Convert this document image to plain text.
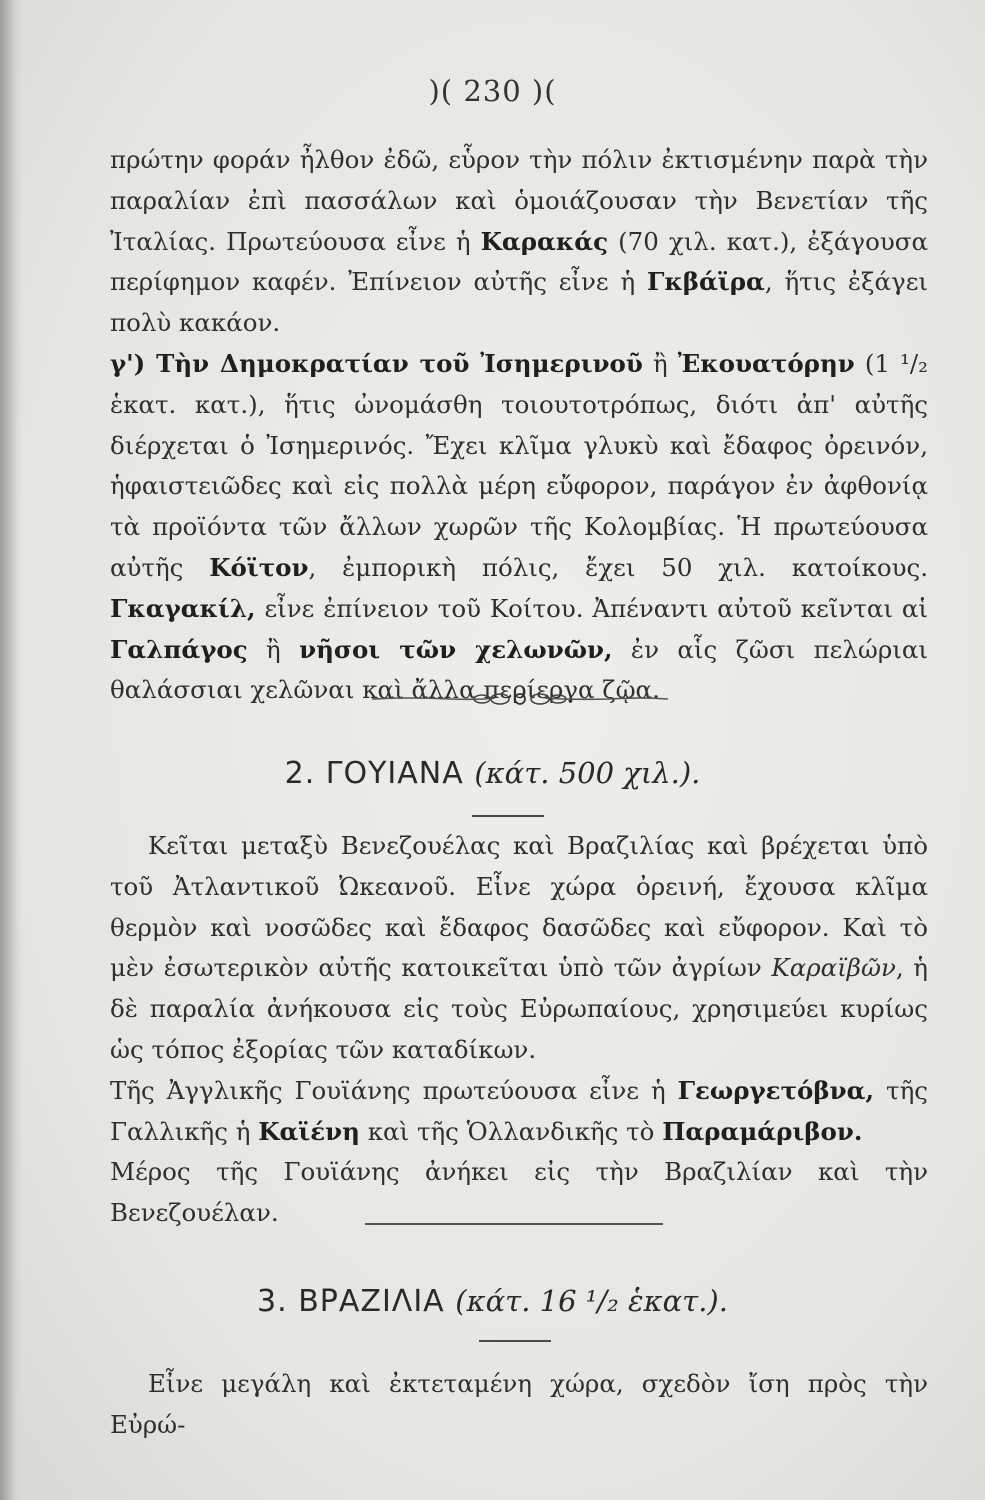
)( 230 )(

πρώτην φοράν ἦλθον ἐδῶ, εὗρον τὴν πόλιν ἐκτισμένην παρὰ τὴν παραλίαν ἐπὶ πασσάλων καὶ ὁμοιάζουσαν τὴν Βενετίαν τῆς Ἰταλίας. Πρωτεύουσα εἶνε ἡ Καρακάς (70 χιλ. κατ.), ἐξάγουσα περίφημον καφέν. Ἐπίνειον αὐτῆς εἶνε ἡ Γκβάϊρα, ἥτις ἐξάγει πολὺ κακάον.

γ') Τὴν Δημοκρατίαν τοῦ Ἰσημερινοῦ ἢ Ἐκουατόρην (1 ¹/₂ ἑκατ. κατ.), ἥτις ὠνομάσθη τοιουτοτρόπως, διότι ἀπ' αὐτῆς διέρχεται ὁ Ἰσημερινός. Ἔχει κλῖμα γλυκὺ καὶ ἔδαφος ὀρεινόν, ἡφαιστειῶδες καὶ εἰς πολλὰ μέρη εὔφορον, παράγον ἐν ἀφθονίᾳ τὰ προϊόντα τῶν ἄλλων χωρῶν τῆς Κολομβίας. Ἡ πρωτεύουσα αὐτῆς Κόϊτον, ἐμπορικὴ πόλις, ἔχει 50 χιλ. κατοίκους. Γκαγακίλ, εἶνε ἐπίνειον τοῦ Κοίτου. Ἀπέναντι αὐτοῦ κεῖνται αἱ Γαλπάγος ἢ νῆσοι τῶν χελωνῶν, ἐν αἷς ζῶσι πελώριαι θαλάσσιαι χελῶναι καὶ ἄλλα περίεργα ζῷα.

2. ΓΟΥΙΑΝΑ (κάτ. 500 χιλ.).

Κεῖται μεταξὺ Βενεζουέλας καὶ Βραζιλίας καὶ βρέχεται ὑπὸ τοῦ Ἀτλαντικοῦ Ὠκεανοῦ. Εἶνε χώρα ὀρεινή, ἔχουσα κλῖμα θερμὸν καὶ νοσῶδες καὶ ἔδαφος δασῶδες καὶ εὔφορον. Καὶ τὸ μὲν ἐσωτερικὸν αὐτῆς κατοικεῖται ὑπὸ τῶν ἀγρίων Καραϊβῶν, ἡ δὲ παραλία ἀνήκουσα εἰς τοὺς Εὐρωπαίους, χρησιμεύει κυρίως ὡς τόπος ἐξορίας τῶν καταδίκων.

Τῆς Ἀγγλικῆς Γουϊάνης πρωτεύουσα εἶνε ἡ Γεωργετόβνα, τῆς Γαλλικῆς ἡ Καϊένη καὶ τῆς Ὁλλανδικῆς τὸ Παραμάριβον.

Μέρος τῆς Γουϊάνης ἀνήκει εἰς τὴν Βραζιλίαν καὶ τὴν Βενεζουέλαν.

3. ΒΡΑΖΙΛΙΑ (κάτ. 16 ¹/₂ ἑκατ.).

Εἶνε μεγάλη καὶ ἐκτεταμένη χώρα, σχεδὸν ἴση πρὸς τὴν Εὐρώ-
